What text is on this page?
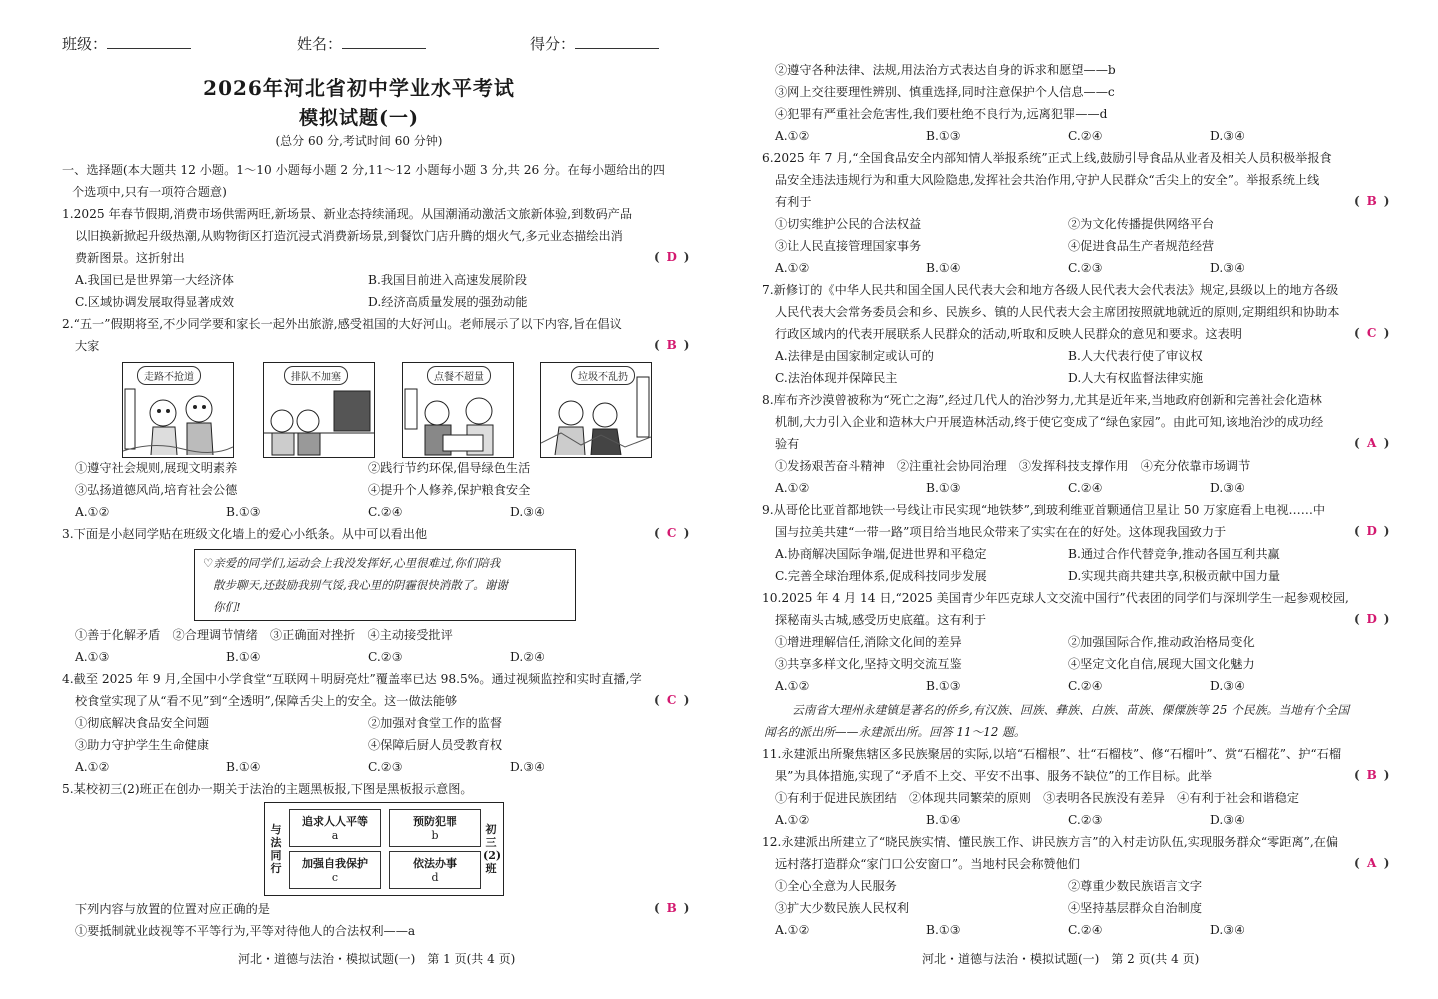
班级：	姓名：	得分：
2026年河北省初中学业水平考试
模拟试题(一)
(总分 60 分,考试时间 60 分钟)
一、选择题(本大题共 12 小题。1～10 小题每小题 2 分,11～12 小题每小题 3 分,共 26 分。在每小题给出的四
个选项中,只有一项符合题意)
1.2025 年春节假期,消费市场供需两旺,新场景、新业态持续涌现。从国潮涌动激活文旅新体验,到数码产品
以旧换新掀起升级热潮,从购物街区打造沉浸式消费新场景,到餐饮门店升腾的烟火气,多元业态描绘出消
费新图景。这折射出	( D )
A.我国已是世界第一大经济体	B.我国目前进入高速发展阶段
C.区域协调发展取得显著成效	D.经济高质量发展的强劲动能
2.“五一”假期将至,不少同学要和家长一起外出旅游,感受祖国的大好河山。老师展示了以下内容,旨在倡议
大家	( B )
走路不抢道	排队不加塞	点餐不超量	垃圾不乱扔
①遵守社会规则,展现文明素养	②践行节约环保,倡导绿色生活
③弘扬道德风尚,培育社会公德	④提升个人修养,保护粮食安全
A.①②	B.①③	C.②④	D.③④
3.下面是小赵同学贴在班级文化墙上的爱心小纸条。从中可以看出他	( C )
♡亲爱的同学们,运动会上我没发挥好,心里很难过,你们陪我
散步聊天,还鼓励我别气馁,我心里的阴霾很快消散了。谢谢
你们!
①善于化解矛盾　②合理调节情绪　③正确面对挫折　④主动接受批评
A.①③	B.①④	C.②③	D.②④
4.截至 2025 年 9 月,全国中小学食堂“互联网＋明厨亮灶”覆盖率已达 98.5%。通过视频监控和实时直播,学
校食堂实现了从“看不见”到“全透明”,保障舌尖上的安全。这一做法能够	( C )
①彻底解决食品安全问题	②加强对食堂工作的监督
③助力守护学生生命健康	④保障后厨人员受教育权
A.①②	B.①④	C.②③	D.③④
5.某校初三(2)班正在创办一期关于法治的主题黑板报,下图是黑板报示意图。
与法同行
初三(2)班
追求人人平等
a
预防犯罪
b
加强自我保护
c
依法办事
d
下列内容与放置的位置对应正确的是	( B )
①要抵制就业歧视等不平等行为,平等对待他人的合法权利——a
河北・道德与法治・模拟试题(一)　第 1 页(共 4 页)
②遵守各种法律、法规,用法治方式表达自身的诉求和愿望——b
③网上交往要理性辨别、慎重选择,同时注意保护个人信息——c
④犯罪有严重社会危害性,我们要杜绝不良行为,远离犯罪——d
A.①②	B.①③	C.②④	D.③④
6.2025 年 7 月,“全国食品安全内部知情人举报系统”正式上线,鼓励引导食品从业者及相关人员积极举报食
品安全违法违规行为和重大风险隐患,发挥社会共治作用,守护人民群众“舌尖上的安全”。举报系统上线
有利于	( B )
①切实维护公民的合法权益	②为文化传播提供网络平台
③让人民直接管理国家事务	④促进食品生产者规范经营
A.①②	B.①④	C.②③	D.③④
7.新修订的《中华人民共和国全国人民代表大会和地方各级人民代表大会代表法》规定,县级以上的地方各级
人民代表大会常务委员会和乡、民族乡、镇的人民代表大会主席团按照就地就近的原则,定期组织和协助本
行政区域内的代表开展联系人民群众的活动,听取和反映人民群众的意见和要求。这表明	( C )
A.法律是由国家制定或认可的	B.人大代表行使了审议权
C.法治体现并保障民主	D.人大有权监督法律实施
8.库布齐沙漠曾被称为“死亡之海”,经过几代人的治沙努力,尤其是近年来,当地政府创新和完善社会化造林
机制,大力引入企业和造林大户开展造林活动,终于使它变成了“绿色家园”。由此可知,该地治沙的成功经
验有	( A )
①发扬艰苦奋斗精神　②注重社会协同治理　③发挥科技支撑作用　④充分依靠市场调节
A.①②	B.①③	C.②④	D.③④
9.从哥伦比亚首都地铁一号线让市民实现“地铁梦”,到玻利维亚首颗通信卫星让 50 万家庭看上电视……中
国与拉美共建“一带一路”项目给当地民众带来了实实在在的好处。这体现我国致力于	( D )
A.协商解决国际争端,促进世界和平稳定	B.通过合作代替竞争,推动各国互利共赢
C.完善全球治理体系,促成科技同步发展	D.实现共商共建共享,积极贡献中国力量
10.2025 年 4 月 14 日,“2025 美国青少年匹克球人文交流中国行”代表团的同学们与深圳学生一起参观校园,
探秘南头古城,感受历史底蕴。这有利于	( D )
①增进理解信任,消除文化间的差异	②加强国际合作,推动政治格局变化
③共享多样文化,坚持文明交流互鉴	④坚定文化自信,展现大国文化魅力
A.①②	B.①③	C.②④	D.③④
云南省大理州永建镇是著名的侨乡,有汉族、回族、彝族、白族、苗族、傈僳族等 25 个民族。当地有个全国
闻名的派出所——永建派出所。回答 11～12 题。
11.永建派出所聚焦辖区多民族聚居的实际,以培“石榴根”、壮“石榴枝”、修“石榴叶”、赏“石榴花”、护“石榴
果”为具体措施,实现了“矛盾不上交、平安不出事、服务不缺位”的工作目标。此举	( B )
①有利于促进民族团结　②体现共同繁荣的原则　③表明各民族没有差异　④有利于社会和谐稳定
A.①②	B.①④	C.②③	D.③④
12.永建派出所建立了“晓民族实情、懂民族工作、讲民族方言”的入村走访队伍,实现服务群众“零距离”,在偏
远村落打造群众“家门口公安窗口”。当地村民会称赞他们	( A )
①全心全意为人民服务	②尊重少数民族语言文字
③扩大少数民族人民权利	④坚持基层群众自治制度
A.①②	B.①③	C.②④	D.③④
河北・道德与法治・模拟试题(一)　第 2 页(共 4 页)
